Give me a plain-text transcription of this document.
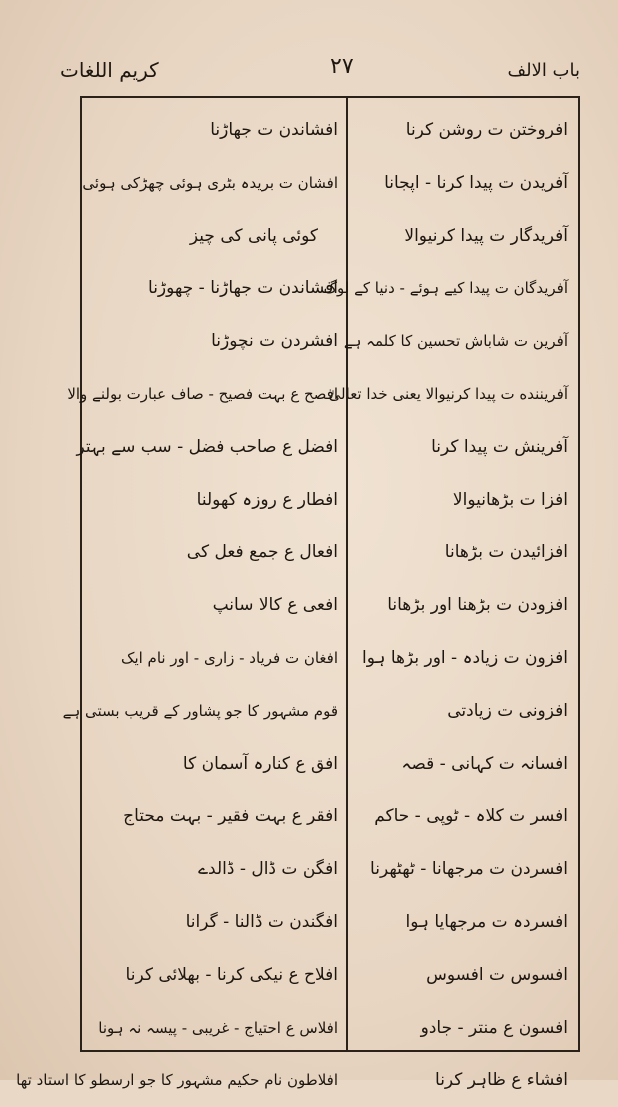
کریم اللغات	۲۷	باب الالف
افروختن ت روشن کرنا
آفریدن ت پیدا کرنا - اپجانا
آفریدگار ت پیدا کرنیوالا
آفریدگان ت پیدا کیے ہوئے - دنیا کے لوگ
آفرین ت شاباش تحسین کا کلمہ ہے
آفریننده ت پیدا کرنیوالا یعنی خدا تعالیٰ
آفرینش ت پیدا کرنا
افزا ت بڑھانیوالا
افزائیدن ت بڑھانا
افزودن ت بڑھنا اور بڑھانا
افزون ت زیادہ - اور بڑھا ہوا
افزونی ت زیادتی
افسانہ ت کہانی - قصہ
افسر ت کلاہ - ٹوپی - حاکم
افسردن ت مرجھانا - ٹھٹھرنا
افسردہ ت مرجھایا ہوا
افسوس ت افسوس
افسون ع منتر - جادو
افشاء ع ظاہر کرنا
افشاندن ت جھاڑنا
افشان ت بریدہ بٹری ہوئی چھڑکی ہوئی
کوئی پانی کی چیز
افشاندن ت جھاڑنا - چھوڑنا
افشردن ت نچوڑنا
افصح ع بہت فصیح - صاف عبارت بولنے والا
افضل ع صاحب فضل - سب سے بہتر
افطار ع روزہ کھولنا
افعال ع جمع فعل کی
افعی ع کالا سانپ
افغان ت فریاد - زاری - اور نام ایک
قوم مشہور کا جو پشاور کے قریب بستی ہے
افق ع کنارہ آسمان کا
افقر ع بہت فقیر - بہت محتاج
افگن ت ڈال - ڈالدے
افگندن ت ڈالنا - گرانا
افلاح ع نیکی کرنا - بھلائی کرنا
افلاس ع احتیاج - غریبی - پیسہ نہ ہونا
افلاطون نام حکیم مشہور کا جو ارسطو کا استاد تھا
